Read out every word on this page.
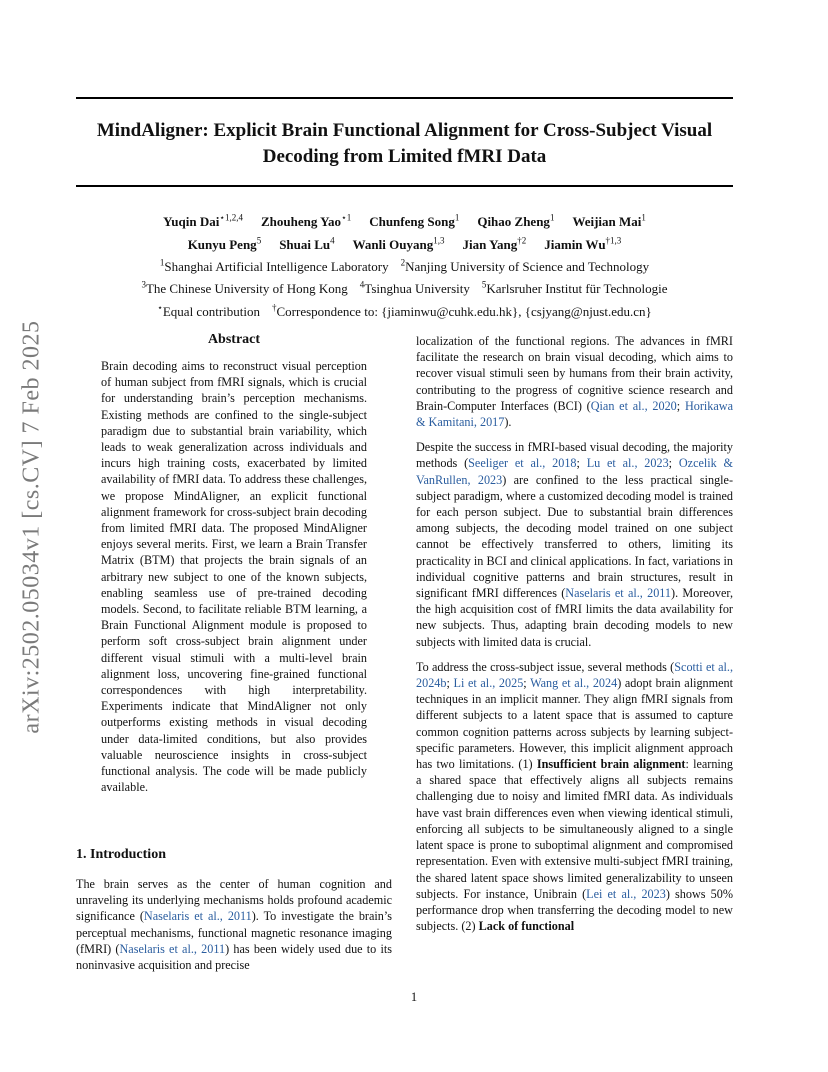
arXiv:2502.05034v1 [cs.CV] 7 Feb 2025
MindAligner: Explicit Brain Functional Alignment for Cross-Subject Visual
Decoding from Limited fMRI Data
Yuqin Dai$^{⋆1,2,4}$ Zhouheng Yao$^{⋆1}$ Chunfeng Song$^1$ Qihao Zheng$^1$ Weijian Mai$^1$
Kunyu Peng$^5$ Shuai Lu$^4$ Wanli Ouyang$^{1,3}$ Jian Yang$^{\dagger 2}$ Jiamin Wu$^{\dagger 1,3}$
$^1$Shanghai Artificial Intelligence Laboratory $^2$Nanjing University of Science and Technology
$^3$The Chinese University of Hong Kong $^4$Tsinghua University $^5$Karlsruher Institut für Technologie
⋆Equal contribution †Correspondence to: {jiaminwu@cuhk.edu.hk}, {csjyang@njust.edu.cn}
Abstract
Brain decoding aims to reconstruct visual perception of human subject from fMRI signals, which is crucial for understanding brain’s perception mechanisms. Existing methods are confined to the single-subject paradigm due to substantial brain variability, which leads to weak generalization across individuals and incurs high training costs, exacerbated by limited availability of fMRI data. To address these challenges, we propose MindAligner, an explicit functional alignment framework for cross-subject brain decoding from limited fMRI data. The proposed MindAligner enjoys several merits. First, we learn a Brain Transfer Matrix (BTM) that projects the brain signals of an arbitrary new subject to one of the known subjects, enabling seamless use of pre-trained decoding models. Second, to facilitate reliable BTM learning, a Brain Functional Alignment module is proposed to perform soft cross-subject brain alignment under different visual stimuli with a multi-level brain alignment loss, uncovering fine-grained functional correspondences with high interpretability. Experiments indicate that MindAligner not only outperforms existing methods in visual decoding under data-limited conditions, but also provides valuable neuroscience insights in cross-subject functional analysis. The code will be made publicly available.
1. Introduction

The brain serves as the center of human cognition and unraveling its underlying mechanisms holds profound academic significance (Naselaris et al., 2011). To investigate the brain’s perceptual mechanisms, functional magnetic resonance imaging (fMRI) (Naselaris et al., 2011) has been widely used due to its noninvasive acquisition and precise

localization of the functional regions. The advances in fMRI facilitate the research on brain visual decoding, which aims to recover visual stimuli seen by humans from their brain activity, contributing to the progress of cognitive science research and Brain-Computer Interfaces (BCI) (Qian et al., 2020; Horikawa & Kamitani, 2017).

Despite the success in fMRI-based visual decoding, the majority methods (Seeliger et al., 2018; Lu et al., 2023; Ozcelik & VanRullen, 2023) are confined to the less practical single-subject paradigm, where a customized decoding model is trained for each person subject. Due to substantial brain differences among subjects, the decoding model trained on one subject cannot be effectively transferred to others, limiting its practicality in BCI and clinical applications. In fact, variations in individual cognitive patterns and brain structures, result in significant fMRI differences (Naselaris et al., 2011). Moreover, the high acquisition cost of fMRI limits the data availability for new subjects. Thus, adapting brain decoding models to new subjects with limited data is crucial.

To address the cross-subject issue, several methods (Scotti et al., 2024b; Li et al., 2025; Wang et al., 2024) adopt brain alignment techniques in an implicit manner. They align fMRI signals from different subjects to a latent space that is assumed to capture common cognition patterns across subjects by learning subject-specific parameters. However, this implicit alignment approach has two limitations. (1) Insufficient brain alignment: learning a shared space that effectively aligns all subjects remains challenging due to noisy and limited fMRI data. As individuals have vast brain differences even when viewing identical stimuli, enforcing all subjects to be simultaneously aligned to a single latent space is prone to suboptimal alignment and compromised representation. Even with extensive multi-subject fMRI training, the shared latent space shows limited generalizability to unseen subjects. For instance, Unibrain (Lei et al., 2023) shows 50% performance drop when transferring the decoding model to new subjects. (2) Lack of functional

1
